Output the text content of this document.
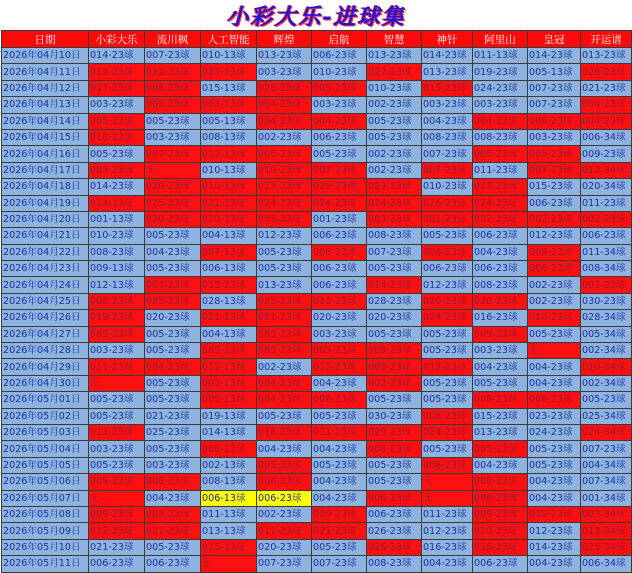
小彩大乐-进球集
日期	小彩大乐	流川枫	人工智能	辉煌	启航	智慧	神针	阿里山	皇冠	开运谱
2026年04月10日	014-23球	007-23球	010-13球	013-23球	006-23球	013-23球	014-23球	011-13球	014-23球	013-23球
2026年04月11日	012-23球	022-23球	027-13球	003-23球	010-23球	027-23球	013-23球	019-23球	005-13球	028-23球
2026年04月12日	017-23球	008-23球	015-13球	026-23球	005-23球	010-23球	015-23球	024-23球	007-23球	021-23球
2026年04月13日	003-23球	005-23球	003-13球	004-23球	003-23球	002-23球	003-23球	003-23球	007-23球	004-23球
2026年04月14日	005-23球	005-23球	005-13球	004-23球	004-23球	005-23球	004-23球	004-23球	006-23球	004-23球
2026年04月15日	018-23球	003-23球	008-13球	002-23球	006-23球	005-23球	008-23球	008-23球	003-23球	006-34球
2026年04月16日	005-23球	007-23球	012-13球	005-23球	005-23球	002-23球	007-23球	005-23球	005-23球	009-23球
2026年04月17日	003-23球	无	010-13球	010-23球	007-23球	002-23球	007-23球	011-23球	007-23球	012-34球
2026年04月18日	014-23球	020-23球	010-13球	023-23球	020-23球	023-23球	010-23球	022-23球	015-23球	020-34球
2026年04月19日	014-13球	025-23球	021-13球	024-23球	024-23球	024-23球	026-23球	024-23球	006-23球	011-23球
2026年04月20日	001-13球	020-23球	020-13球	003-23球	001-23球	003-23球	001-23球	002-23球	002-23球	002-23球
2026年04月21日	010-23球	005-23球	004-13球	012-23球	006-23球	008-23球	005-23球	006-23球	012-23球	006-23球
2026年04月22日	008-23球	004-23球	007-13球	005-23球	006-23球	007-23球	006-23球	004-23球	009-23球	011-34球
2026年04月23日	009-13球	005-23球	006-13球	005-23球	006-23球	005-23球	006-23球	006-23球	006-23球	008-34球
2026年04月24日	012-13球	007-23球	013-23球	013-23球	006-23球	014-23球	012-23球	008-23球	002-23球	007-23球
2026年04月25日	008-23球	025-23球	028-13球	025-23球	015-23球	028-23球	020-23球	020-23球	002-23球	030-23球
2026年04月26日	019-23球	020-23球	021-13球	021-23球	020-23球	020-23球	024-23球	016-23球	010-23球	028-34球
2026年04月27日	005-23球	005-23球	004-13球	005-23球	003-23球	005-23球	005-23球	009-23球	005-23球	005-34球
2026年04月28日	003-23球	005-23球	005-13球	005-23球	005-23球	009-23球	005-23球	003-23球	无	002-34球
2026年04月29日	011-23球	004-23球	012-13球	002-23球	012-23球	005-23球	012-23球	004-23球	004-23球	010-34球
2026年04月30日	无	005-23球	003-13球	004-23球	004-23球	002-23球	005-23球	005-23球	004-23球	002-34球
2026年05月01日	005-23球	005-23球	005-13球	004-23球	008-23球	005-23球	005-23球	008-23球	008-23球	005-23球
2026年05月02日	005-23球	021-23球	019-13球	005-23球	005-23球	030-23球	008-23球	015-23球	023-23球	025-34球
2026年05月03日	013-23球	025-23球	014-13球	018-23球	021-23球	029-23球	024-23球	013-23球	024-23球	024-34球
2026年05月04日	003-23球	005-23球	008-13球	004-23球	004-23球	008-23球	005-23球	005-23球	005-23球	007-23球
2026年05月05日	005-23球	003-23球	002-13球	005-23球	005-23球	005-23球	008-23球	004-23球	005-23球	004-34球
2026年05月06日	009-23球	008-23球	008-13球	006-23球	004-23球	005-23球	无	008-23球	004-23球	007-34球
2026年05月07日	无	004-23球	006-13球	006-23球	004-23球	006-23球	无	006-23球	004-23球	001-34球
2026年05月08日	009-23球	003-23球	011-13球	002-23球	009-23球	006-23球	011-23球	009-23球	010-23球	003-34球
2026年05月09日	012-23球	021-23球	013-13球	011-23球	021-23球	026-23球	012-23球	020-23球	012-23球	013-34球
2026年05月10日	021-23球	005-23球	015-13球	020-23球	005-23球	026-23球	016-23球	016-23球	014-23球	025-34球
2026年05月11日	006-23球	006-23球	无	007-23球	007-23球	008-23球	004-23球	006-23球	004-23球	006-34球
